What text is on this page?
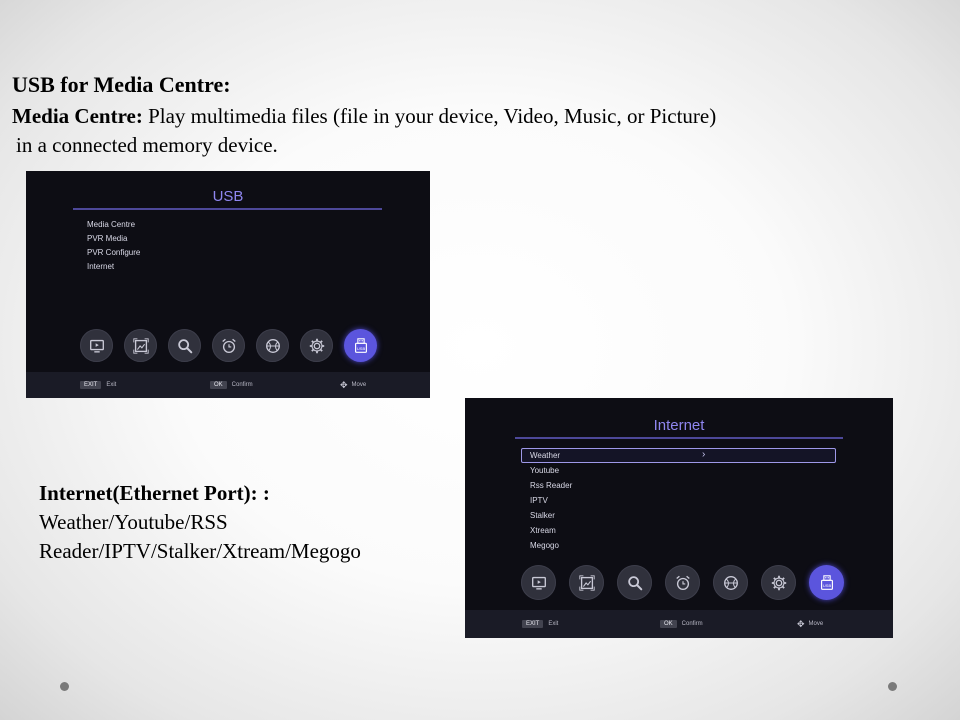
USB for Media Centre:

Media Centre: Play multimedia files (file in your device, Video, Music, or Picture)
in a connected memory device.

USB
Media Centre
PVR Media
PVR Configure
Internet
USB
EXIT	Exit	OK	Confirm	✥ Move
Internet(Ethernet Port): :
Weather/Youtube/RSS
Reader/IPTV/Stalker/Xtream/Megogo
Internet
›
Weather
Youtube
Rss Reader
IPTV
Stalker
Xtream
Megogo
USB
EXIT	Exit	OK	Confirm	✥ Move
